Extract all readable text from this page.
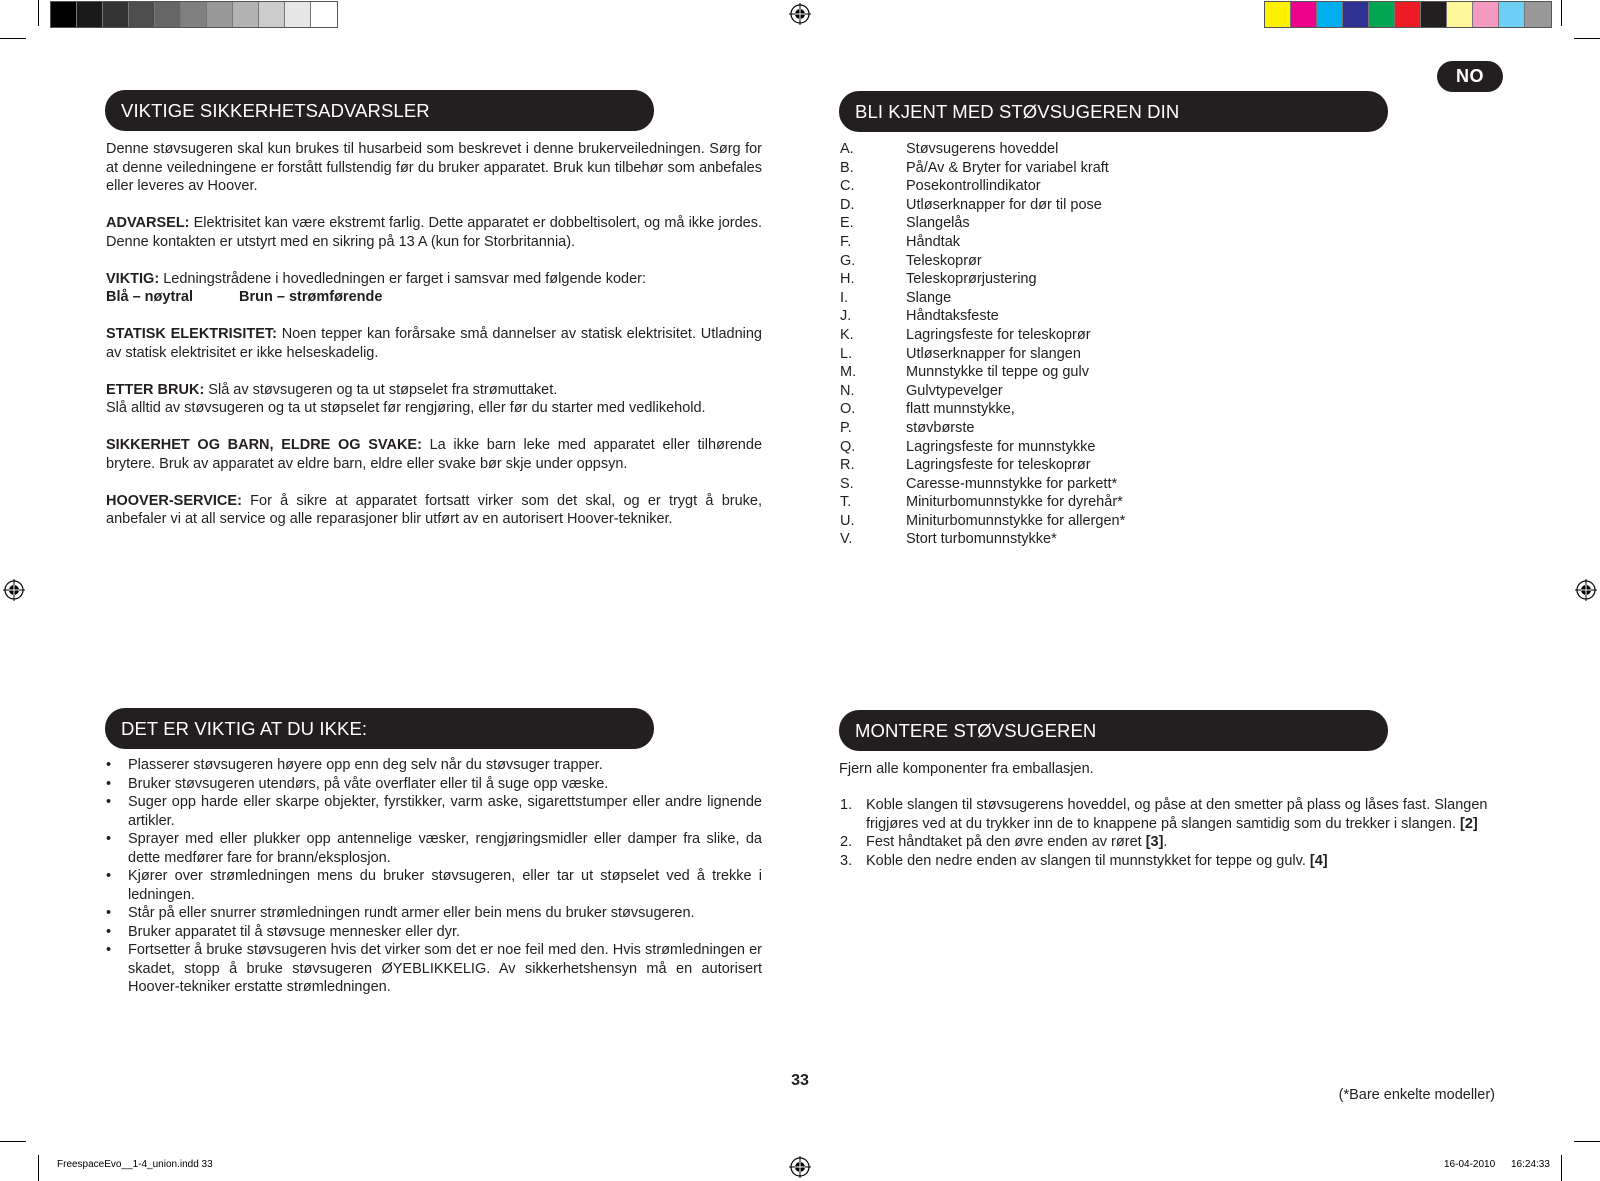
NO
VIKTIGE SIKKERHETSADVARSLER

Denne støvsugeren skal kun brukes til husarbeid som beskrevet i denne brukerveiledningen. Sørg for at denne veiledningene er forstått fullstendig før du bruker apparatet. Bruk kun tilbehør som anbefales eller leveres av Hoover.

ADVARSEL: Elektrisitet kan være ekstremt farlig. Dette apparatet er dobbeltisolert, og må ikke jordes. Denne kontakten er utstyrt med en sikring på 13 A (kun for Storbritannia).

VIKTIG: Ledningstrådene i hovedledningen er farget i samsvar med følgende koder:
Blå – nøytral	Brun – strømførende

STATISK ELEKTRISITET: Noen tepper kan forårsake små dannelser av statisk elektrisitet. Utladning av statisk elektrisitet er ikke helseskadelig.

ETTER BRUK: Slå av støvsugeren og ta ut støpselet fra strømuttaket.
Slå alltid av støvsugeren og ta ut støpselet før rengjøring, eller før du starter med vedlikehold.

SIKKERHET OG BARN, ELDRE OG SVAKE: La ikke barn leke med apparatet eller tilhørende brytere. Bruk av apparatet av eldre barn, eldre eller svake bør skje under oppsyn.

HOOVER-SERVICE: For å sikre at apparatet fortsatt virker som det skal, og er trygt å bruke, anbefaler vi at all service og alle reparasjoner blir utført av en autorisert Hoover-tekniker.

BLI KJENT MED STØVSUGEREN DIN
A.	Støvsugerens hoveddel
B.	På/Av & Bryter for variabel kraft
C.	Posekontrollindikator
D.	Utløserknapper for dør til pose
E.	Slangelås
F.	Håndtak
G.	Teleskoprør
H.	Teleskoprørjustering
I.	Slange
J.	Håndtaksfeste
K.	Lagringsfeste for teleskoprør
L.	Utløserknapper for slangen
M.	Munnstykke til teppe og gulv
N.	Gulvtypevelger
O.	flatt munnstykke,
P.	støvbørste
Q.	Lagringsfeste for munnstykke
R.	Lagringsfeste for teleskoprør
S.	Caresse-munnstykke for parkett*
T.	Miniturbomunnstykke for dyrehår*
U.	Miniturbomunnstykke for allergen*
V.	Stort turbomunnstykke*
DET ER VIKTIG AT DU IKKE:
• Plasserer støvsugeren høyere opp enn deg selv når du støvsuger trapper.
• Bruker støvsugeren utendørs, på våte overflater eller til å suge opp væske.
• Suger opp harde eller skarpe objekter, fyrstikker, varm aske, sigarettstumper eller andre lignende artikler.
• Sprayer med eller plukker opp antennelige væsker, rengjøringsmidler eller damper fra slike, da dette medfører fare for brann/eksplosjon.
• Kjører over strømledningen mens du bruker støvsugeren, eller tar ut støpselet ved å trekke i ledningen.
• Står på eller snurrer strømledningen rundt armer eller bein mens du bruker støvsugeren.
• Bruker apparatet til å støvsuge mennesker eller dyr.
• Fortsetter å bruke støvsugeren hvis det virker som det er noe feil med den. Hvis strømledningen er skadet, stopp å bruke støvsugeren ØYEBLIKKELIG. Av sikkerhetshensyn må en autorisert Hoover-tekniker erstatte strømledningen.
MONTERE STØVSUGEREN
Fjern alle komponenter fra emballasjen.
1. Koble slangen til støvsugerens hoveddel, og påse at den smetter på plass og låses fast. Slangen frigjøres ved at du trykker inn de to knappene på slangen samtidig som du trekker i slangen. [2]
2. Fest håndtaket på den øvre enden av røret [3].
3. Koble den nedre enden av slangen til munnstykket for teppe og gulv. [4]
33
(*Bare enkelte modeller)
FreespaceEvo__1-4_union.indd 33	16-04-2010 16:24:33
